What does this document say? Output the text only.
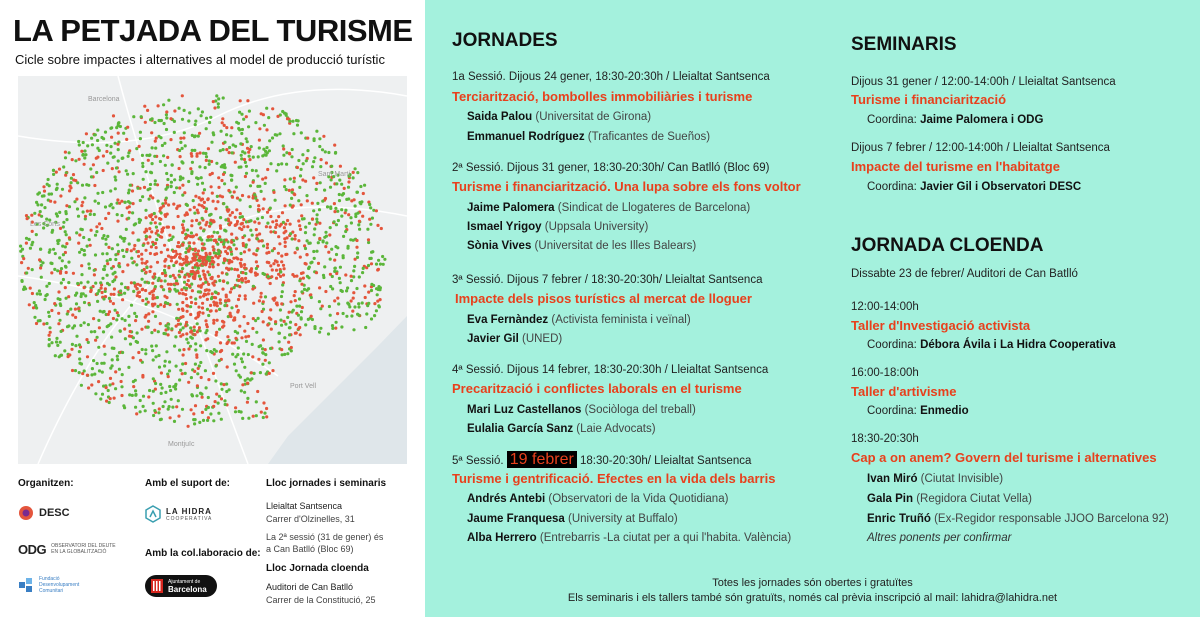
LA PETJADA DEL TURISME
Cicle sobre impactes i alternatives al model de producció turístic
Les Corts
Sant Martí
Port Vell
Montjuïc
Barcelona
Organitzen:	Amb el suport de:
Amb la col.laboracio de:
Lloc jornades i seminaris
Lleialtat Santsenca
Carrer d'Olzinelles, 31
La 2ª sessió (31 de gener) és
a Can Batlló (Bloc 69)
Lloc Jornada cloenda
Auditori de Can Batlló
Carrer de la Constitució, 25
DESC
ODG OBSERVATORI DEL DEUTE
EN LA GLOBALITZACIÓ
Fundació
Desenvolupament
Comunitari
LA HIDRA
COOPERATIVA
Ajuntament de
Barcelona
JORNADES
1a Sessió. Dijous 24 gener, 18:30-20:30h / Lleialtat Santsenca
Terciarització, bombolles immobiliàries i turisme
Saida Palou (Universitat de Girona)
Emmanuel Rodríguez (Traficantes de Sueños)
2ª Sessió. Dijous 31 gener, 18:30-20:30h/ Can Batlló (Bloc 69)
Turisme i financiarització. Una lupa sobre els fons voltor
Jaime Palomera (Sindicat de Llogateres de Barcelona)
Ismael Yrigoy (Uppsala University)
Sònia Vives (Universitat de les Illes Balears)
3ª Sessió. Dijous 7 febrer / 18:30-20:30h/ Lleialtat Santsenca
Impacte dels pisos turístics al mercat de lloguer
Eva Fernàndez (Activista feminista i veïnal)
Javier Gil (UNED)
4ª Sessió. Dijous 14 febrer, 18:30-20:30h / Lleialtat Santsenca
Precarització i conflictes laborals en el turisme
Mari Luz Castellanos (Sociòloga del treball)
Eulalia García Sanz (Laie Advocats)
5ª Sessió. 19 febrer 18:30-20:30h/ Lleialtat Santsenca
Turisme i gentrificació. Efectes en la vida dels barris
Andrés Antebi (Observatori de la Vida Quotidiana)
Jaume Franquesa (University at Buffalo)
Alba Herrero (Entrebarris -La ciutat per a qui l'habita. València)
SEMINARIS
Dijous 31 gener / 12:00-14:00h / Lleialtat Santsenca
Turisme i financiarització
Coordina: Jaime Palomera i ODG
Dijous 7 febrer / 12:00-14:00h / Lleialtat Santsenca
Impacte del turisme en l'habitatge
Coordina: Javier Gil i Observatori DESC
JORNADA CLOENDA
Dissabte 23 de febrer/ Auditori de Can Batlló
12:00-14:00h
Taller d'Investigació activista
Coordina: Débora Ávila i La Hidra Cooperativa
16:00-18:00h
Taller d'artivisme
Coordina: Enmedio
18:30-20:30h
Cap a on anem? Govern del turisme i alternatives
Ivan Miró (Ciutat Invisible)
Gala Pin (Regidora Ciutat Vella)
Enric Truñó (Ex-Regidor responsable JJOO Barcelona 92)
Altres ponents per confirmar
Totes les jornades són obertes i gratuïtes
Els seminaris i els tallers també són gratuïts, només cal prèvia inscripció al mail: lahidra@lahidra.net
